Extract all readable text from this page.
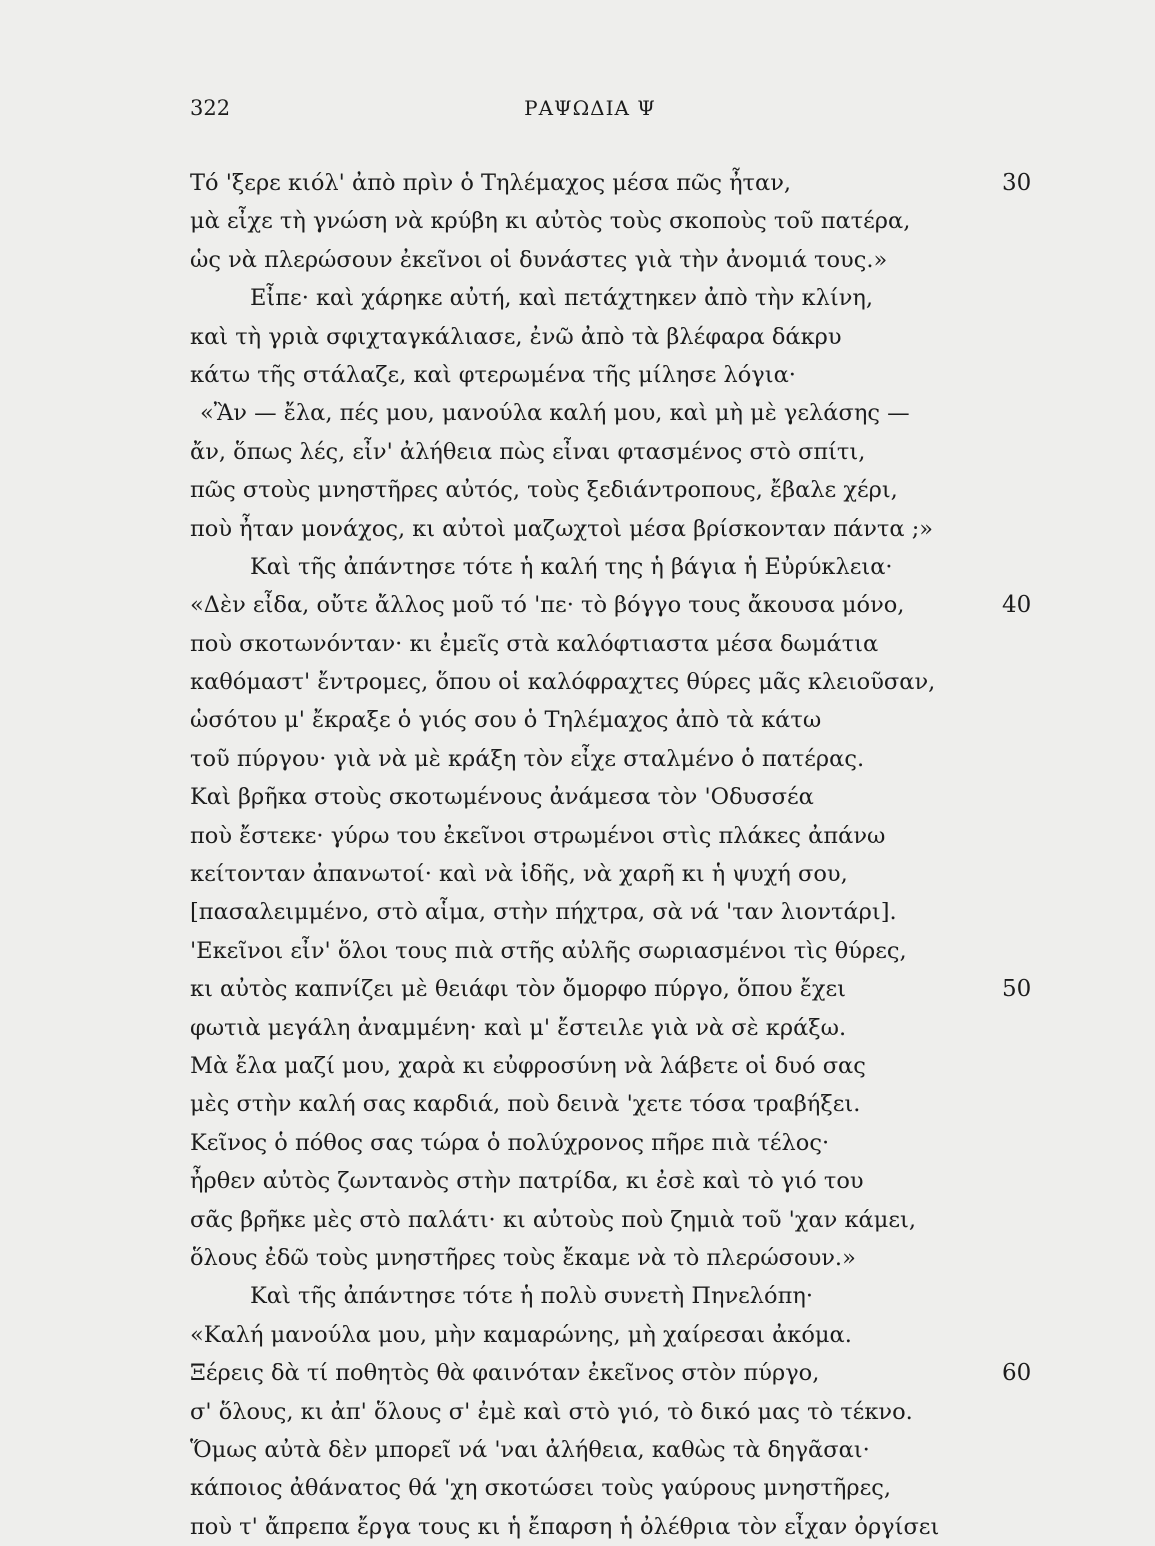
322	ΡΑΨΩΔΙΑ Ψ
Τό 'ξερε κιόλ' ἀπὸ πρὶν ὁ Τηλέμαχος μέσα πῶς ἦταν,	30
μὰ εἶχε τὴ γνώση νὰ κρύβη κι αὐτὸς τοὺς σκοποὺς τοῦ πατέρα,
ὡς νὰ πλερώσουν ἐκεῖνοι οἱ δυνάστες γιὰ τὴν ἀνομιά τους.»
Εἶπε· καὶ χάρηκε αὐτή, καὶ πετάχτηκεν ἀπὸ τὴν κλίνη,
καὶ τὴ γριὰ σφιχταγκάλιασε, ἐνῶ ἀπὸ τὰ βλέφαρα δάκρυ
κάτω τῆς στάλαζε, καὶ φτερωμένα τῆς μίλησε λόγια·
«Ἂν — ἔλα, πές μου, μανούλα καλή μου, καὶ μὴ μὲ γελάσης —
ἄν, ὅπως λές, εἶν' ἀλήθεια πὼς εἶναι φτασμένος στὸ σπίτι,
πῶς στοὺς μνηστῆρες αὐτός, τοὺς ξεδιάντροπους, ἔβαλε χέρι,
ποὺ ἦταν μονάχος, κι αὐτοὶ μαζωχτοὶ μέσα βρίσκονταν πάντα ;»
Καὶ τῆς ἀπάντησε τότε ἡ καλή της ἡ βάγια ἡ Εὐρύκλεια·
«Δὲν εἶδα, οὔτε ἄλλος μοῦ τό 'πε· τὸ βόγγο τους ἄκουσα μόνο,	40
ποὺ σκοτωνόνταν· κι ἐμεῖς στὰ καλόφτιαστα μέσα δωμάτια
καθόμαστ' ἔντρομες, ὅπου οἱ καλόφραχτες θύρες μᾶς κλειοῦσαν,
ὡσότου μ' ἔκραξε ὁ γιός σου ὁ Τηλέμαχος ἀπὸ τὰ κάτω
τοῦ πύργου· γιὰ νὰ μὲ κράξη τὸν εἶχε σταλμένο ὁ πατέρας.
Καὶ βρῆκα στοὺς σκοτωμένους ἀνάμεσα τὸν 'Οδυσσέα
ποὺ ἔστεκε· γύρω του ἐκεῖνοι στρωμένοι στὶς πλάκες ἀπάνω
κείτονταν ἀπανωτοί· καὶ νὰ ἰδῆς, νὰ χαρῆ κι ἡ ψυχή σου,
[πασαλειμμένο, στὸ αἷμα, στὴν πήχτρα, σὰ νά 'ταν λιοντάρι].
'Εκεῖνοι εἶν' ὅλοι τους πιὰ στῆς αὐλῆς σωριασμένοι τὶς θύρες,
κι αὐτὸς καπνίζει μὲ θειάφι τὸν ὄμορφο πύργο, ὅπου ἔχει	50
φωτιὰ μεγάλη ἀναμμένη· καὶ μ' ἔστειλε γιὰ νὰ σὲ κράξω.
Μὰ ἔλα μαζί μου, χαρὰ κι εὐφροσύνη νὰ λάβετε οἱ δυό σας
μὲς στὴν καλή σας καρδιά, ποὺ δεινὰ 'χετε τόσα τραβήξει.
Κεῖνος ὁ πόθος σας τώρα ὁ πολύχρονος πῆρε πιὰ τέλος·
ἦρθεν αὐτὸς ζωντανὸς στὴν πατρίδα, κι ἐσὲ καὶ τὸ γιό του
σᾶς βρῆκε μὲς στὸ παλάτι· κι αὐτοὺς ποὺ ζημιὰ τοῦ 'χαν κάμει,
ὅλους ἐδῶ τοὺς μνηστῆρες τοὺς ἔκαμε νὰ τὸ πλερώσουν.»
Καὶ τῆς ἀπάντησε τότε ἡ πολὺ συνετὴ Πηνελόπη·
«Καλή μανούλα μου, μὴν καμαρώνης, μὴ χαίρεσαι ἀκόμα.
Ξέρεις δὰ τί ποθητὸς θὰ φαινόταν ἐκεῖνος στὸν πύργο,	60
σ' ὅλους, κι ἀπ' ὅλους σ' ἐμὲ καὶ στὸ γιό, τὸ δικό μας τὸ τέκνο.
Ὅμως αὐτὰ δὲν μπορεῖ νά 'ναι ἀλήθεια, καθὼς τὰ δηγᾶσαι·
κάποιος ἀθάνατος θά 'χη σκοτώσει τοὺς γαύρους μνηστῆρες,
ποὺ τ' ἄπρεπα ἔργα τους κι ἡ ἔπαρση ἡ ὀλέθρια τὸν εἶχαν ὀργίσει
